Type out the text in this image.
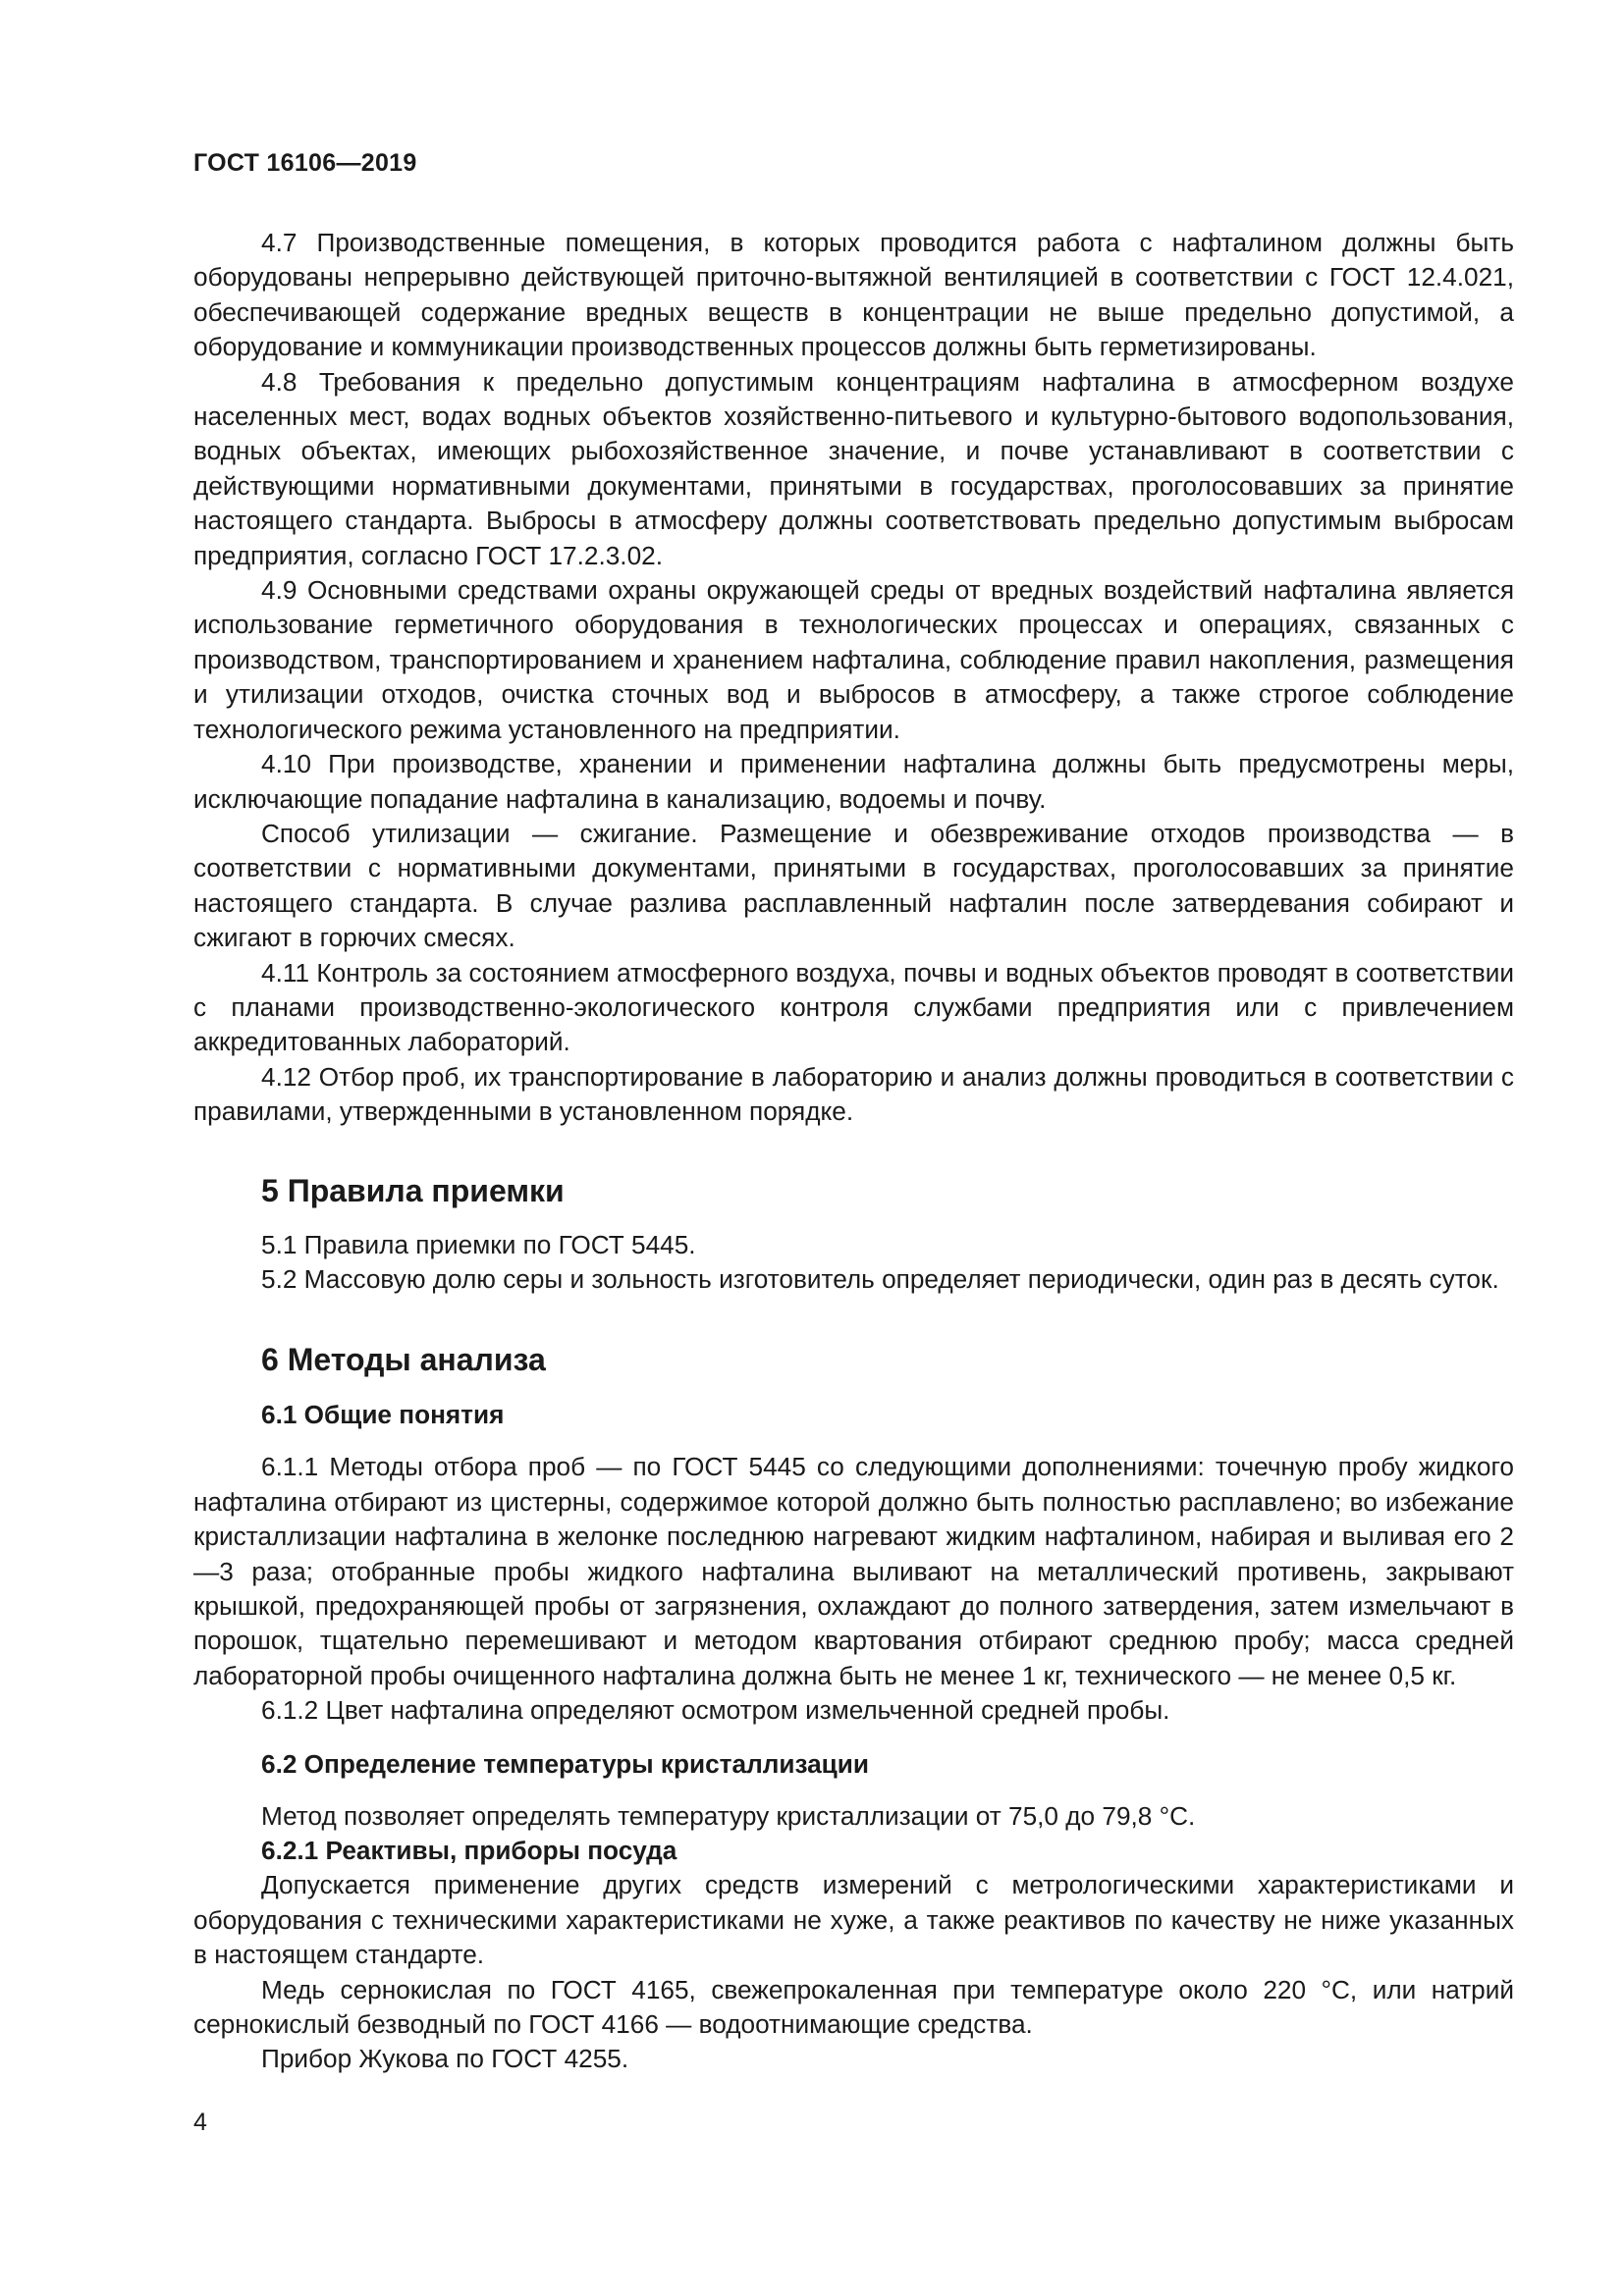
ГОСТ 16106—2019

4.7 Производственные помещения, в которых проводится работа с нафталином должны быть оборудованы непрерывно действующей приточно-вытяжной вентиляцией в соответствии с ГОСТ 12.4.021, обеспечивающей содержание вредных веществ в концентрации не выше предельно допустимой, а оборудование и коммуникации производственных процессов должны быть герметизированы.

4.8 Требования к предельно допустимым концентрациям нафталина в атмосферном воздухе населенных мест, водах водных объектов хозяйственно-питьевого и культурно-бытового водопользования, водных объектах, имеющих рыбохозяйственное значение, и почве устанавливают в соответствии с действующими нормативными документами, принятыми в государствах, проголосовавших за принятие настоящего стандарта. Выбросы в атмосферу должны соответствовать предельно допустимым выбросам предприятия, согласно ГОСТ 17.2.3.02.

4.9 Основными средствами охраны окружающей среды от вредных воздействий нафталина является использование герметичного оборудования в технологических процессах и операциях, связанных с производством, транспортированием и хранением нафталина, соблюдение правил накопления, размещения и утилизации отходов, очистка сточных вод и выбросов в атмосферу, а также строгое соблюдение технологического режима установленного на предприятии.

4.10 При производстве, хранении и применении нафталина должны быть предусмотрены меры, исключающие попадание нафталина в канализацию, водоемы и почву.

Способ утилизации — сжигание. Размещение и обезвреживание отходов производства — в соответствии с нормативными документами, принятыми в государствах, проголосовавших за принятие настоящего стандарта. В случае разлива расплавленный нафталин после затвердевания собирают и сжигают в горючих смесях.

4.11 Контроль за состоянием атмосферного воздуха, почвы и водных объектов проводят в соответствии с планами производственно-экологического контроля службами предприятия или с привлечением аккредитованных лабораторий.

4.12 Отбор проб, их транспортирование в лабораторию и анализ должны проводиться в соответствии с правилами, утвержденными в установленном порядке.

5 Правила приемки

5.1 Правила приемки по ГОСТ 5445.

5.2 Массовую долю серы и зольность изготовитель определяет периодически, один раз в десять суток.

6 Методы анализа
6.1 Общие понятия

6.1.1 Методы отбора проб — по ГОСТ 5445 со следующими дополнениями: точечную пробу жидкого нафталина отбирают из цистерны, содержимое которой должно быть полностью расплавлено; во избежание кристаллизации нафталина в желонке последнюю нагревают жидким нафталином, набирая и выливая его 2—3 раза; отобранные пробы жидкого нафталина выливают на металлический противень, закрывают крышкой, предохраняющей пробы от загрязнения, охлаждают до полного затвердения, затем измельчают в порошок, тщательно перемешивают и методом квартования отбирают среднюю пробу; масса средней лабораторной пробы очищенного нафталина должна быть не менее 1 кг, технического — не менее 0,5 кг.

6.1.2 Цвет нафталина определяют осмотром измельченной средней пробы.

6.2 Определение температуры кристаллизации

Метод позволяет определять температуру кристаллизации от 75,0 до 79,8 °С.

6.2.1 Реактивы, приборы посуда

Допускается применение других средств измерений с метрологическими характеристиками и оборудования с техническими характеристиками не хуже, а также реактивов по качеству не ниже указанных в настоящем стандарте.

Медь сернокислая по ГОСТ 4165, свежепрокаленная при температуре около 220 °С, или натрий сернокислый безводный по ГОСТ 4166 — водоотнимающие средства.

Прибор Жукова по ГОСТ 4255.

4
